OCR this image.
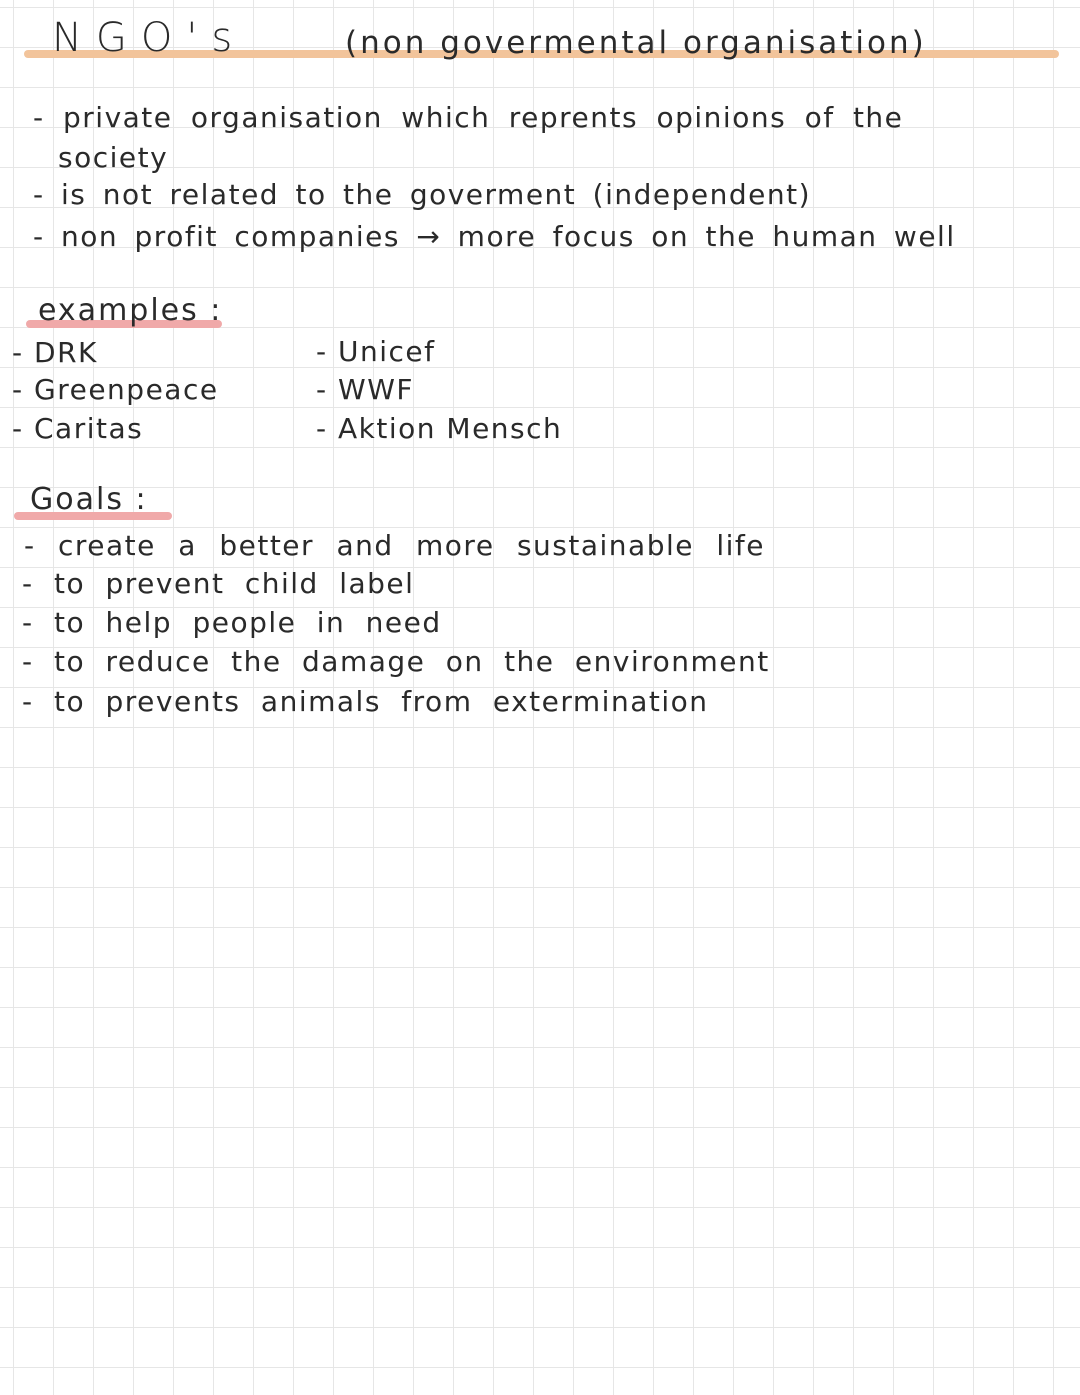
NGO's	(non govermental organisation)
- private organisation which reprents opinions of the
society
- is not related to the goverment (independent)
- non profit companies → more focus on the human well
examples :
- DRK
- Greenpeace
- Caritas
- Unicef
- WWF
- Aktion Mensch
Goals :
- create a better and more sustainable life
- to prevent child label
- to help people in need
- to reduce the damage on the environment
- to prevents animals from extermination
